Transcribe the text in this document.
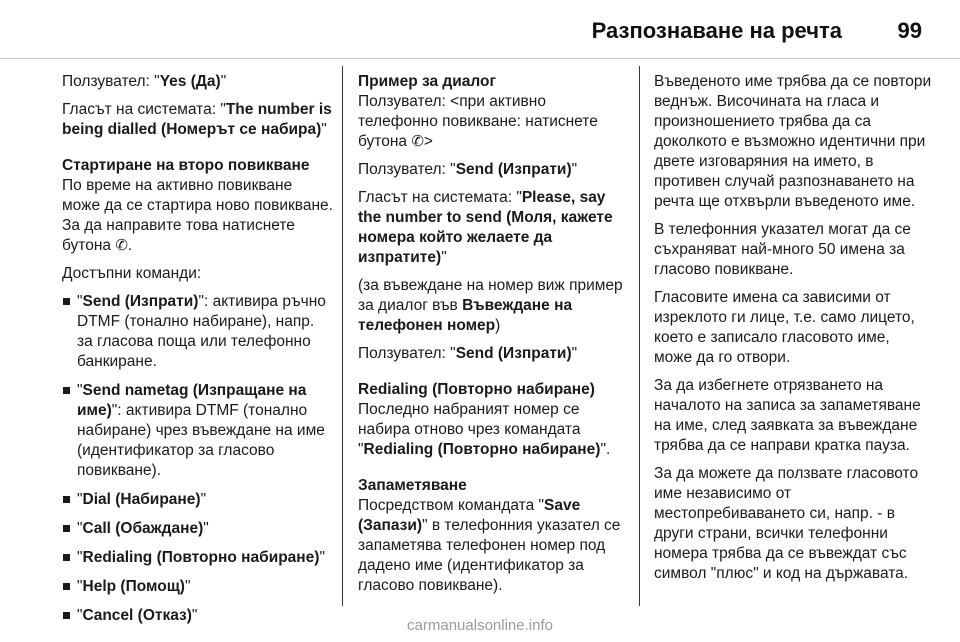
Разпознаване на речта	99

Ползувател: "Yes (Да)"

Гласът на системата: "The number is being dialled (Номерът се набира)"

Стартиране на второ повикване

По време на активно повикване може да се стартира ново повикване. За да направите това натиснете бутона ✆.

Достъпни команди:

"Send (Изпрати)": активира ръчно DTMF (тонално набиране), напр. за гласова поща или телефонно банкиране.
"Send nametag (Изпращане на име)": активира DTMF (тонално набиране) чрез въвеждане на име (идентификатор за гласово повикване).
"Dial (Набиране)"
"Call (Обаждане)"
"Redialing (Повторно набиране)"
"Help (Помощ)"
"Cancel (Отказ)"
Пример за диалог

Ползувател: <при активно телефонно повикване: натиснете бутона ✆>

Ползувател: "Send (Изпрати)"

Гласът на системата: "Please, say the number to send (Моля, кажете номера който желаете да изпратите)"

(за въвеждане на номер виж пример за диалог във Въвеждане на телефонен номер)

Ползувател: "Send (Изпрати)"

Redialing (Повторно набиране)

Последно набраният номер се набира отново чрез командата "Redialing (Повторно набиране)".

Запаметяване

Посредством командата "Save (Запази)" в телефонния указател се запаметява телефонен номер под дадено име (идентификатор за гласово повикване).

Въведеното име трябва да се повтори веднъж. Височината на гласа и произношението трябва да са доколкото е възможно идентични при двете изговаряния на името, в противен случай разпознаването на речта ще отхвърли въведеното име.

В телефонния указател могат да се съхраняват най-много 50 имена за гласово повикване.

Гласовите имена са зависими от изреклото ги лице, т.е. само лицето, което е записало гласовото име, може да го отвори.

За да избегнете отрязването на началото на записа за запаметяване на име, след заявката за въвеждане трябва да се направи кратка пауза.

За да можете да ползвате гласовото име независимо от местопребиваването си, напр. - в други страни, всички телефонни номера трябва да се въвеждат със символ "плюс" и код на държавата.

carmanualsonline.info
